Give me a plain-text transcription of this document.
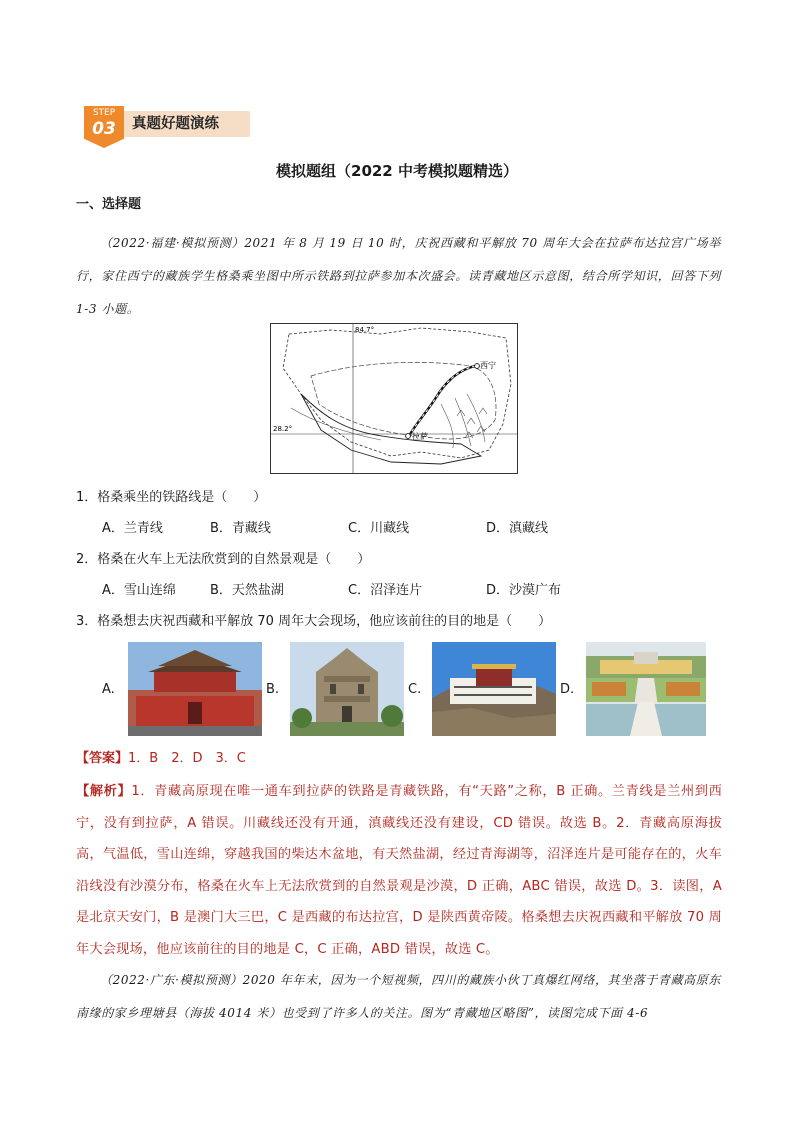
STEP
03	真题好题演练
模拟题组（2022 中考模拟题精选）
一、选择题
（2022·福建·模拟预测）2021 年 8 月 19 日 10 时，庆祝西藏和平解放 70 周年大会在拉萨布达拉宫广场举行，家住西宁的藏族学生格桑乘坐图中所示铁路到拉萨参加本次盛会。读青藏地区示意图，结合所学知识，回答下列 1-3 小题。
西宁
拉萨
84.7°
28.2°
1．格桑乘坐的铁路线是（　　）
A．兰青线	B．青藏线	C．川藏线	D．滇藏线
2．格桑在火车上无法欣赏到的自然景观是（　　）
A．雪山连绵	B．天然盐湖	C．沼泽连片	D．沙漠广布
3．格桑想去庆祝西藏和平解放 70 周年大会现场，他应该前往的目的地是（　　）
A.	B.	C.	D.
【答案】1．B　2．D　3．C
【解析】1．青藏高原现在唯一通车到拉萨的铁路是青藏铁路，有“天路”之称，B 正确。兰青线是兰州到西宁，没有到拉萨，A 错误。川藏线还没有开通，滇藏线还没有建设，CD 错误。故选 B。2．青藏高原海拔高，气温低，雪山连绵，穿越我国的柴达木盆地，有天然盐湖，经过青海湖等，沼泽连片是可能存在的，火车沿线没有沙漠分布，格桑在火车上无法欣赏到的自然景观是沙漠，D 正确，ABC 错误，故选 D。3．读图，A 是北京天安门，B 是澳门大三巴，C 是西藏的布达拉宫，D 是陕西黄帝陵。格桑想去庆祝西藏和平解放 70 周年大会现场，他应该前往的目的地是 C，C 正确，ABD 错误，故选 C。
（2022·广东·模拟预测）2020 年年末，因为一个短视频，四川的藏族小伙丁真爆红网络，其坐落于青藏高原东南缘的家乡理塘县（海拔 4014 米）也受到了许多人的关注。图为“青藏地区略图”，读图完成下面 4-6
